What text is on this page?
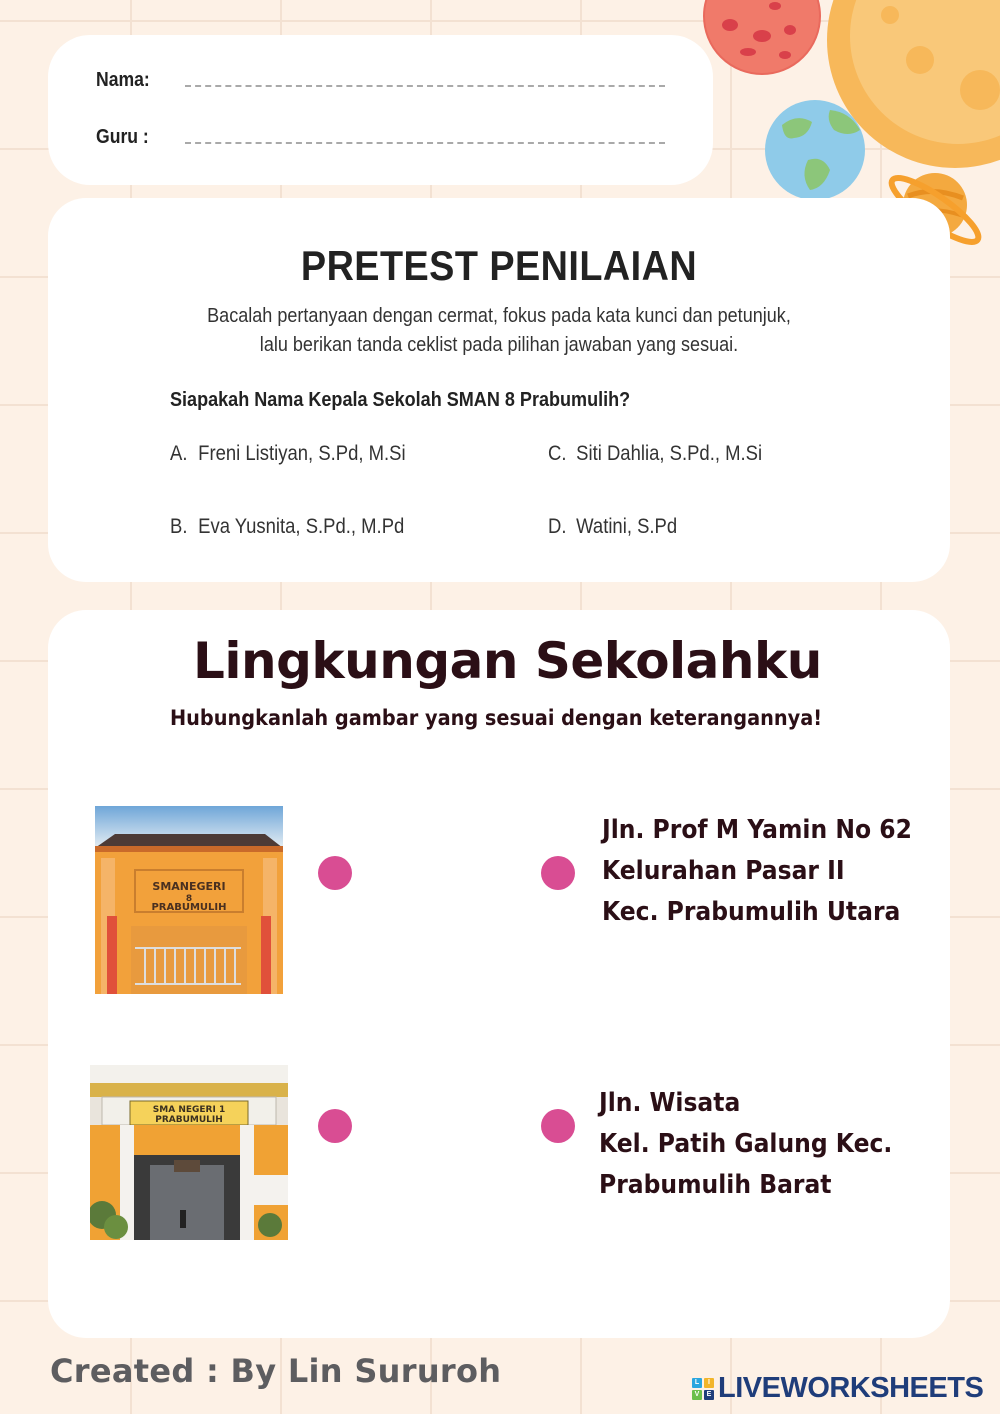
Nama:
Guru :
PRETEST PENILAIAN
Bacalah pertanyaan dengan cermat, fokus pada kata kunci dan petunjuk,
lalu berikan tanda ceklist pada pilihan jawaban yang sesuai.
Siapakah Nama Kepala Sekolah SMAN 8 Prabumulih?
A. Freni Listiyan, S.Pd, M.Si
B. Eva Yusnita, S.Pd., M.Pd
C. Siti Dahlia, S.Pd., M.Si
D. Watini, S.Pd
Lingkungan Sekolahku
Hubungkanlah gambar yang sesuai dengan keterangannya!
SMANEGERI
8
PRABUMULIH
SMA NEGERI 1
PRABUMULIH
Jln. Prof M Yamin No 62
Kelurahan Pasar II
Kec. Prabumulih Utara
Jln. Wisata
Kel. Patih Galung Kec.
Prabumulih Barat
Created : By Lin Sururoh	L	I
V	E LIVEWORKSHEETS
